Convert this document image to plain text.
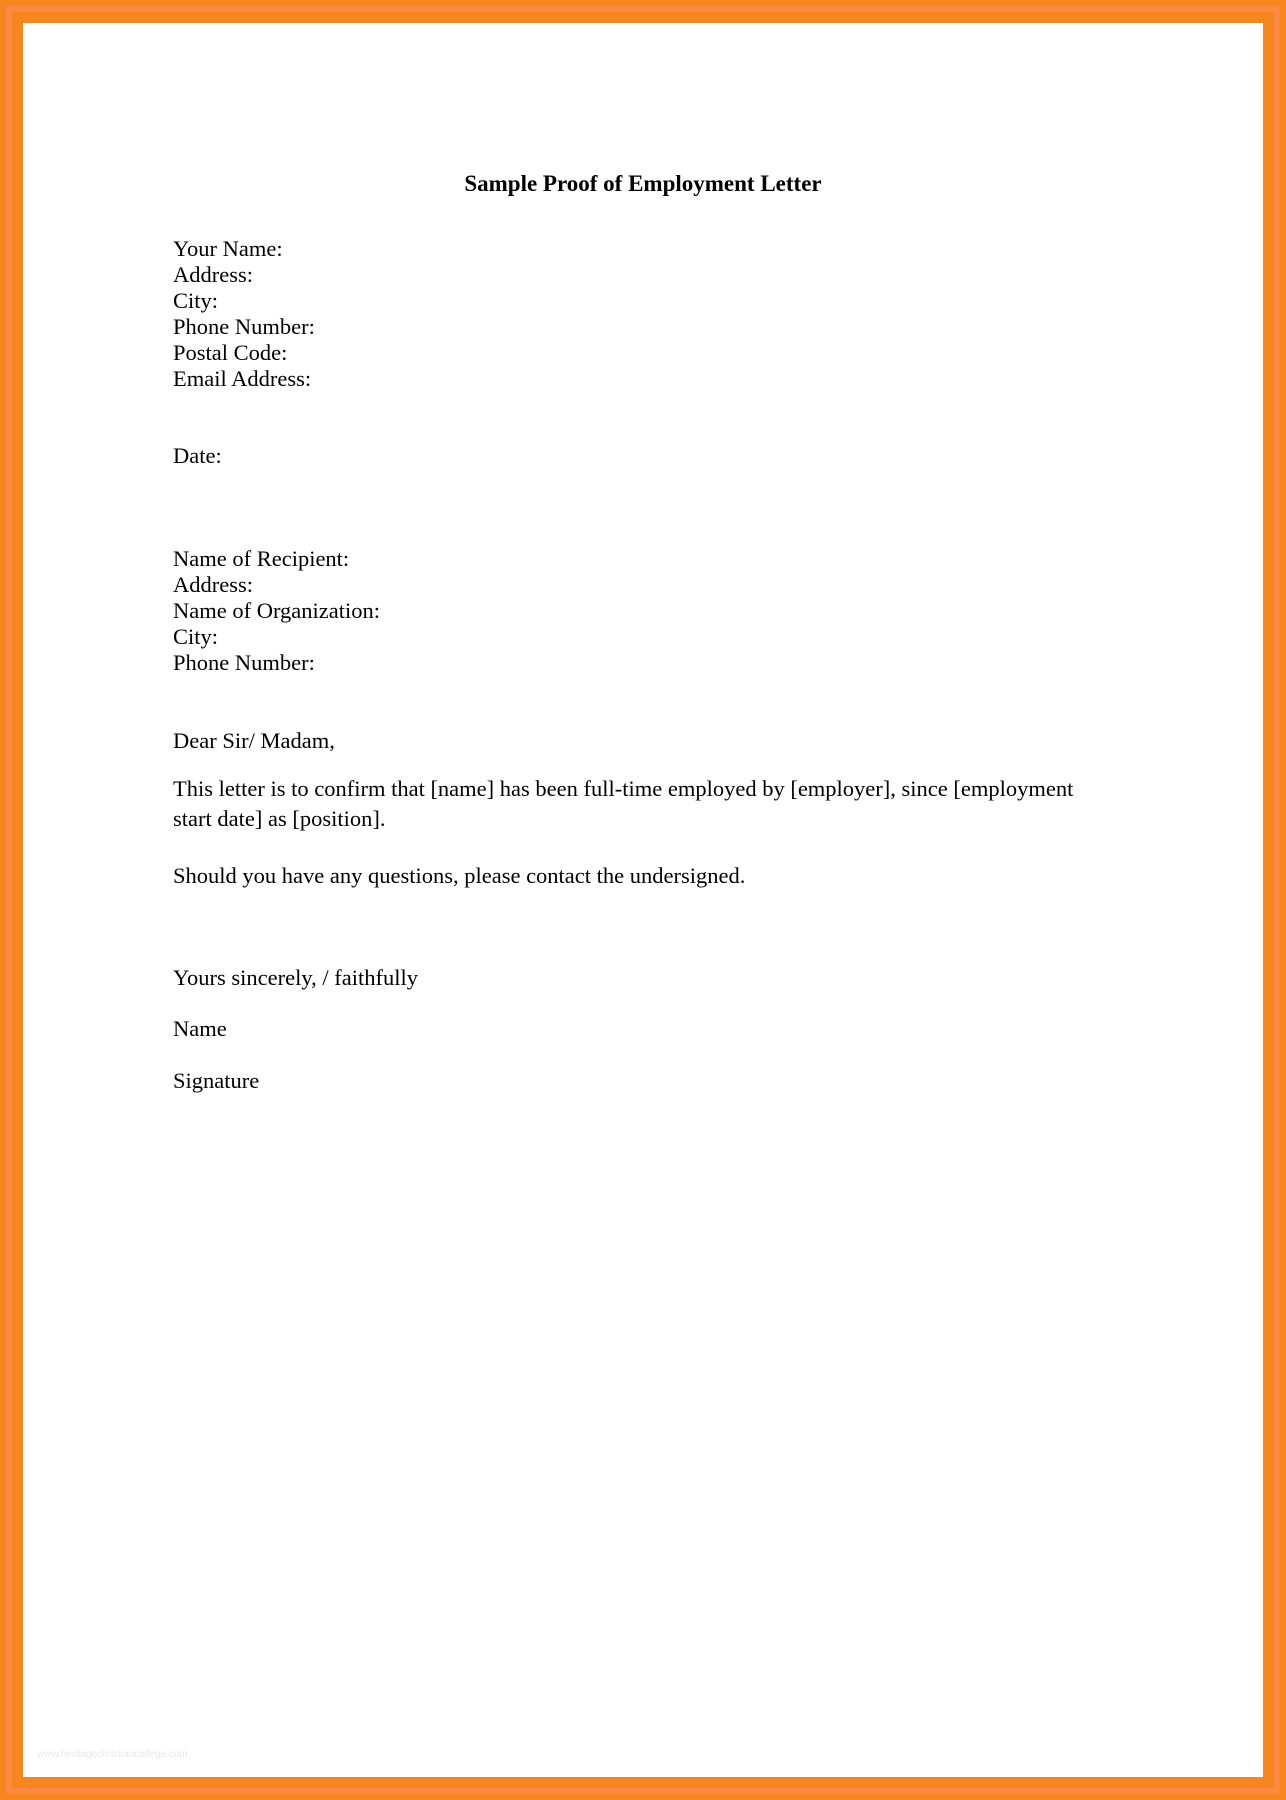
Sample Proof of Employment Letter

Your Name:

Address:

City:

Phone Number:

Postal Code:

Email Address:

Date:

Name of Recipient:

Address:

Name of Organization:

City:

Phone Number:

Dear Sir/ Madam,

This letter is to confirm that [name] has been full-time employed by [employer], since [employment start date] as [position].

Should you have any questions, please contact the undersigned.

Yours sincerely, / faithfully

Name

Signature

www.heritagechristiancollege.com
